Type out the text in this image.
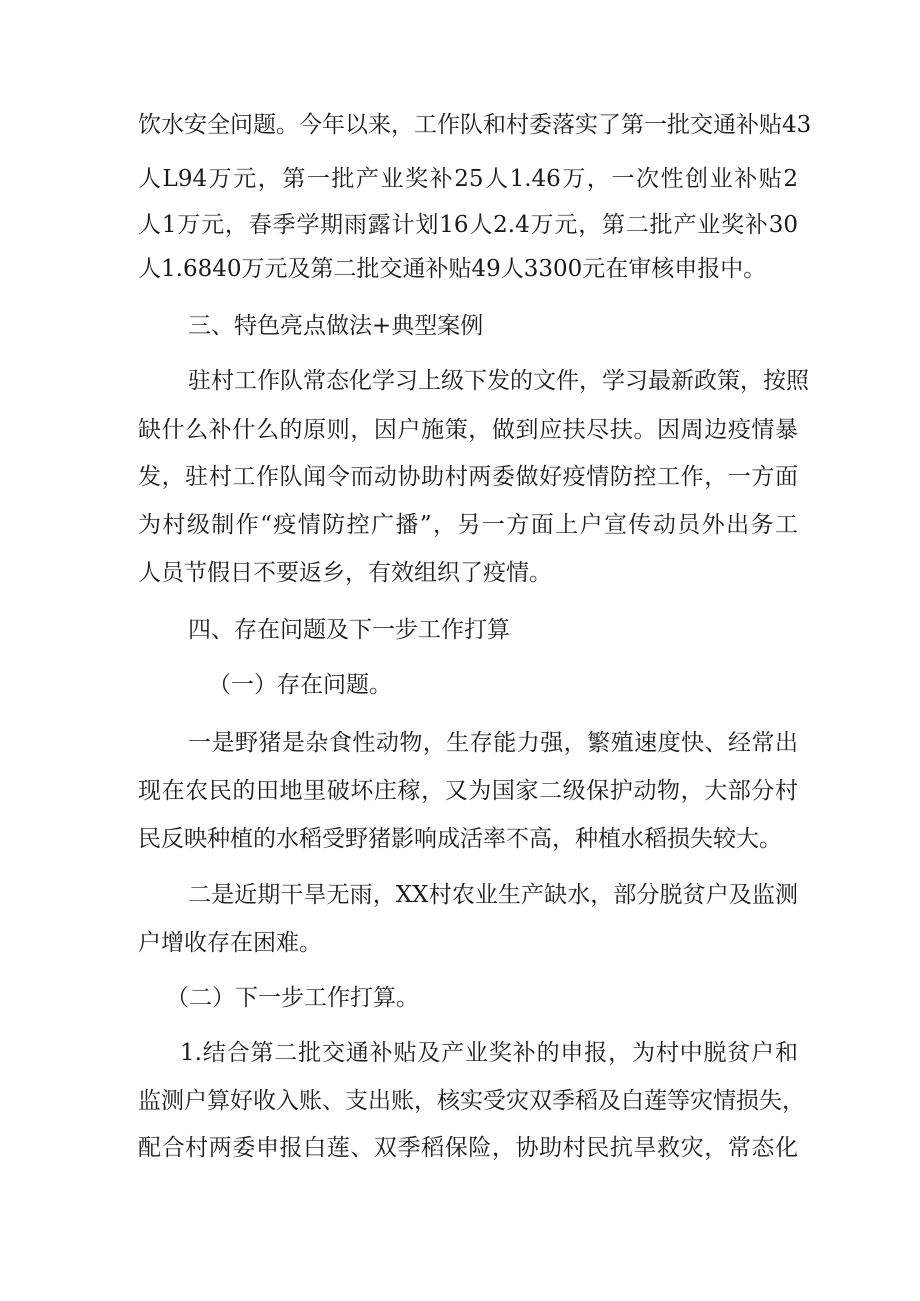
饮水安全问题。今年以来，工作队和村委落实了第一批交通补贴43
人L94万元，第一批产业奖补25人1.46万，一次性创业补贴2
人1万元，春季学期雨露计划16人2.4万元，第二批产业奖补30
人1.6840万元及第二批交通补贴49人3300元在审核申报中。
三、特色亮点做法+典型案例
驻村工作队常态化学习上级下发的文件，学习最新政策，按照
缺什么补什么的原则，因户施策，做到应扶尽扶。因周边疫情暴
发，驻村工作队闻令而动协助村两委做好疫情防控工作，一方面
为村级制作“疫情防控广播”，另一方面上户宣传动员外出务工
人员节假日不要返乡，有效组织了疫情。
四、存在问题及下一步工作打算
（一）存在问题。
一是野猪是杂食性动物，生存能力强，繁殖速度快、经常出
现在农民的田地里破坏庄稼，又为国家二级保护动物，大部分村
民反映种植的水稻受野猪影响成活率不高，种植水稻损失较大。
二是近期干旱无雨，XX村农业生产缺水，部分脱贫户及监测
户增收存在困难。
（二）下一步工作打算。
1.结合第二批交通补贴及产业奖补的申报，为村中脱贫户和
监测户算好收入账、支出账，核实受灾双季稻及白莲等灾情损失，
配合村两委申报白莲、双季稻保险，协助村民抗旱救灾，常态化
